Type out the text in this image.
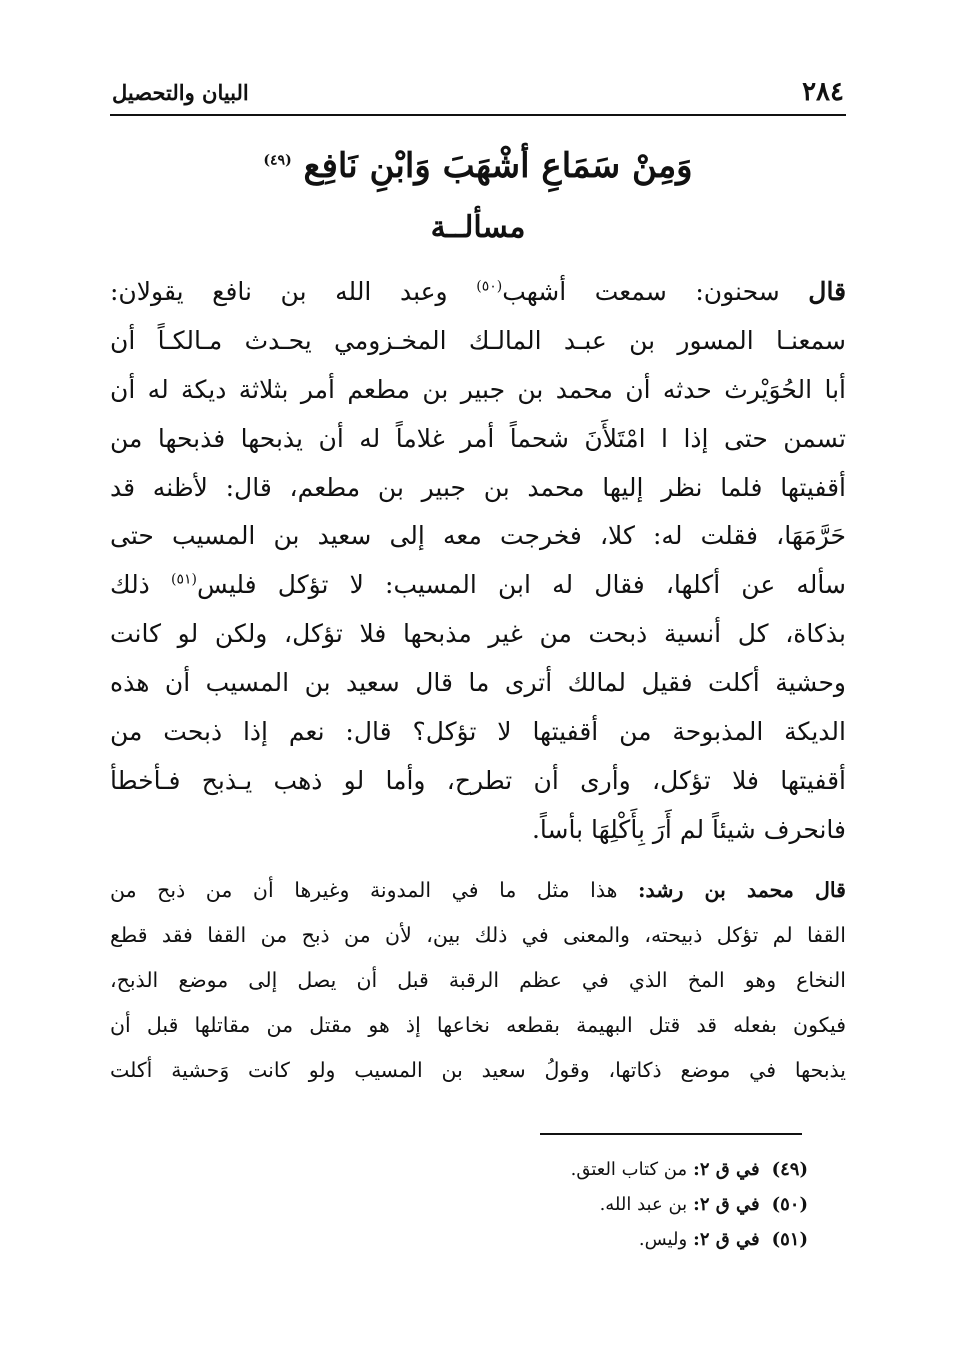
البيان والتحصيل	٢٨٤
وَمِنْ سَمَاعِ أشْهَبَ وَابْنِ نَافِع $^{(٤٩)}$
مسألــة
قال سحنون: سمعت أشهب$^{(٥٠)}$ وعبد الله بن نافع يقولان:
سمعنـا المسور بن عبـد المالـك المخـزومي يحـدث مـالكـاً أن
أبا الحُوَيْرث حدثه أن محمد بن جبير بن مطعم أمر بثلاثة ديكة له أن
تسمن حتى إذا ا امْتَلأَنَ شحماً أمر غلاماً له أن يذبحها فذبحها من
أقفيتها فلما نظر إليها محمد بن جبير بن مطعم، قال: لأظنه قد
حَرَّمَهَا، فقلت له: كلا، فخرجت معه إلى سعيد بن المسيب حتى
سأله عن أكلها، فقال له ابن المسيب: لا تؤكل فليس$^{(٥١)}$ ذلك
بذكاة، كل أنسية ذبحت من غير مذبحها فلا تؤكل، ولكن لو كانت
وحشية أكلت فقيل لمالك أترى ما قال سعيد بن المسيب أن هذه
الديكة المذبوحة من أقفيتها لا تؤكل؟ قال: نعم إذا ذبحت من
أقفيتها فلا تؤكل، وأرى أن تطرح، وأما لو ذهب يـذبح فـأخطأ
فانحرف شيئاً لم أَرَ بِأَكْلِهَا بأساً.
قال محمد بن رشد: هذا مثل ما في المدونة وغيرها أن من ذبح من
القفا لم تؤكل ذبيحته، والمعنى في ذلك بين، لأن من ذبح من القفا فقد قطع
النخاع وهو المخ الذي في عظم الرقبة قبل أن يصل إلى موضع الذبح،
فيكون بفعله قد قتل البهيمة بقطعه نخاعها إذ هو مقتل من مقاتلها قبل أن
يذبحها في موضع ذكاتها، وقولُ سعيد بن المسيب ولو كانت وَحشية أكلت
(٤٩)في ق ٢:من كتاب العتق.
(٥٠)في ق ٢:بن عبد الله.
(٥١)في ق ٢:وليس.
